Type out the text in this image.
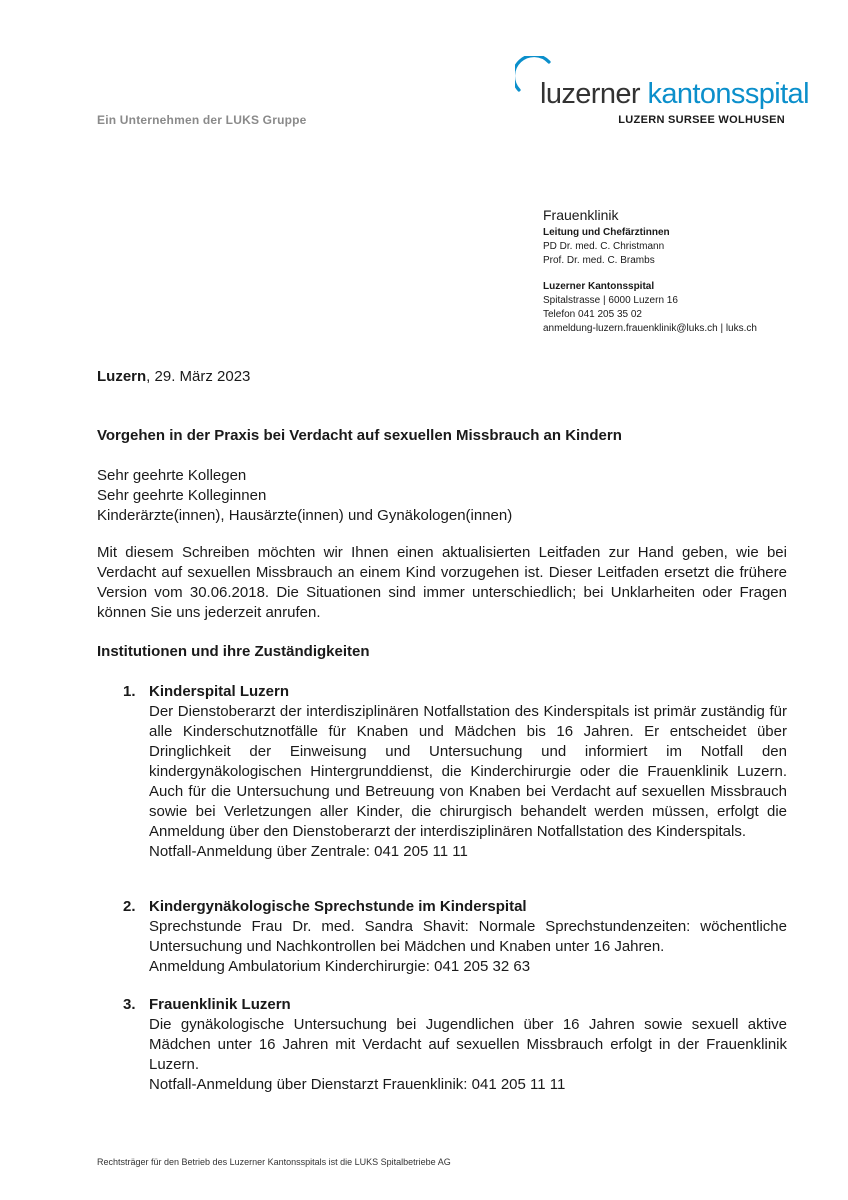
Ein Unternehmen der LUKS Gruppe
luzerner kantonsspital
LUZERN SURSEE WOLHUSEN
Frauenklinik
Leitung und Chefärztinnen
PD Dr. med. C. Christmann
Prof. Dr. med. C. Brambs
Luzerner Kantonsspital
Spitalstrasse | 6000 Luzern 16
Telefon 041 205 35 02
anmeldung-luzern.frauenklinik@luks.ch | luks.ch
Luzern, 29. März 2023
Vorgehen in der Praxis bei Verdacht auf sexuellen Missbrauch an Kindern
Sehr geehrte Kollegen
Sehr geehrte Kolleginnen
Kinderärzte(innen), Hausärzte(innen) und Gynäkologen(innen)
Mit diesem Schreiben möchten wir Ihnen einen aktualisierten Leitfaden zur Hand geben, wie bei Verdacht auf sexuellen Missbrauch an einem Kind vorzugehen ist. Dieser Leitfaden ersetzt die frühere Version vom 30.06.2018. Die Situationen sind immer unterschiedlich; bei Unklarheiten oder Fragen können Sie uns jederzeit anrufen.
Institutionen und ihre Zuständigkeiten
1. Kinderspital Luzern
Der Dienstoberarzt der interdisziplinären Notfallstation des Kinderspitals ist primär zuständig für alle Kinderschutznotfälle für Knaben und Mädchen bis 16 Jahren. Er entscheidet über Dringlichkeit der Einweisung und Untersuchung und informiert im Notfall den kindergynäkologischen Hintergrunddienst, die Kinderchirurgie oder die Frauenklinik Luzern. Auch für die Untersuchung und Betreuung von Knaben bei Verdacht auf sexuellen Missbrauch sowie bei Verletzungen aller Kinder, die chirurgisch behandelt werden müssen, erfolgt die Anmeldung über den Dienstoberarzt der interdisziplinären Notfallstation des Kinderspitals.
Notfall-Anmeldung über Zentrale: 041 205 11 11
2. Kindergynäkologische Sprechstunde im Kinderspital
Sprechstunde Frau Dr. med. Sandra Shavit: Normale Sprechstundenzeiten: wöchentliche Untersuchung und Nachkontrollen bei Mädchen und Knaben unter 16 Jahren.
Anmeldung Ambulatorium Kinderchirurgie: 041 205 32 63
3. Frauenklinik Luzern
Die gynäkologische Untersuchung bei Jugendlichen über 16 Jahren sowie sexuell aktive Mädchen unter 16 Jahren mit Verdacht auf sexuellen Missbrauch erfolgt in der Frauenklinik Luzern.
Notfall-Anmeldung über Dienstarzt Frauenklinik: 041 205 11 11
Rechtsträger für den Betrieb des Luzerner Kantonsspitals ist die LUKS Spitalbetriebe AG
